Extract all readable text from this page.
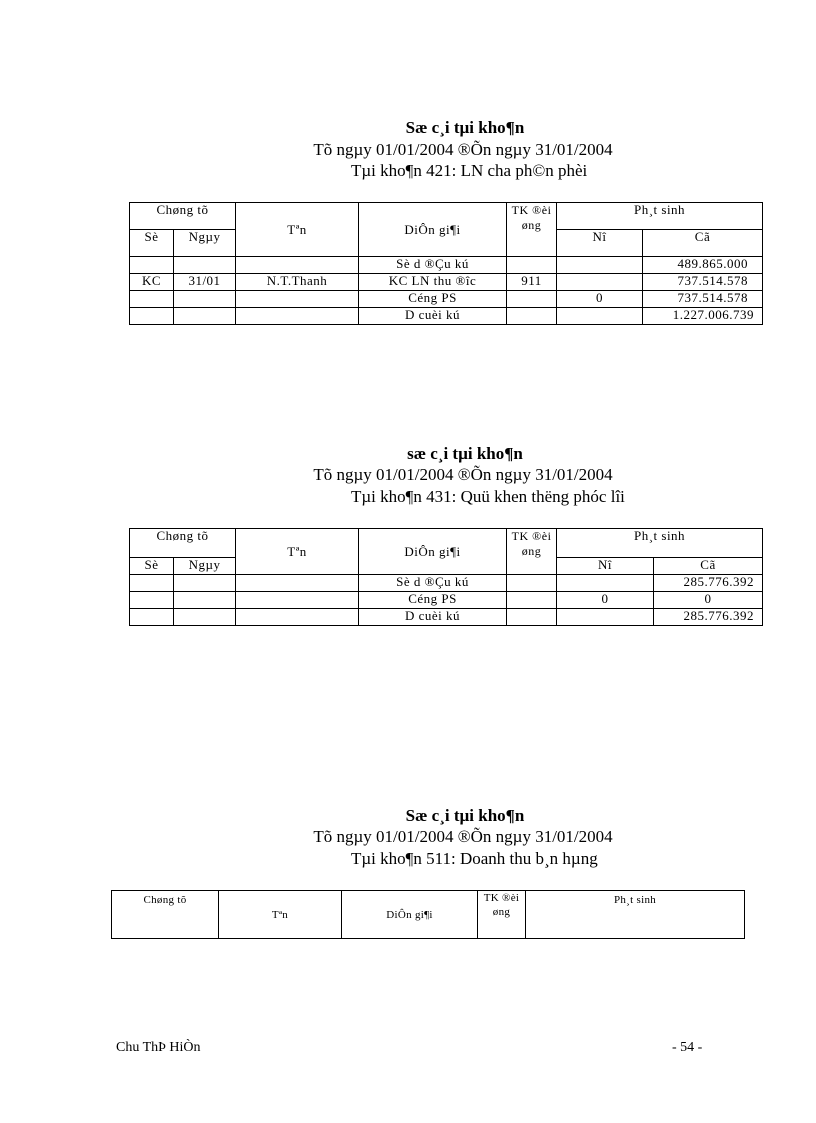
Sæ c¸i tµi kho¶n
Tõ ngµy 01/01/2004 ®Õn ngµy 31/01/2004
Tµi kho¶n 421: LN cha ph©n phèi
Chøng tõ		Tªn	DiÔn gi¶i	TK ®èi øng	Ph¸t sinh	
Sè	Ngµy				Nî	Cã
			Sè d ®Çu kú			489.865.000
KC	31/01	N.T.Thanh	KC LN thu ®îc	911		737.514.578
			Céng PS		0	737.514.578
			D cuèi kú			1.227.006.739
sæ c¸i tµi kho¶n
Tõ ngµy 01/01/2004 ®Õn ngµy 31/01/2004
Tµi kho¶n 431: Quü khen thëng phóc lîi
Chøng tõ		Tªn	DiÔn gi¶i	TK ®èi øng	Ph¸t sinh	
Sè	Ngµy				Nî	Cã
			Sè d ®Çu kú			285.776.392
			Céng PS		0	0
			D cuèi kú			285.776.392
Sæ c¸i tµi kho¶n
Tõ ngµy 01/01/2004 ®Õn ngµy 31/01/2004
Tµi kho¶n 511: Doanh thu b¸n hµng
Chøng tõ	Tªn	DiÔn gi¶i	TK ®èi øng	Ph¸t sinh
Chu ThÞ HiÒn	- 54 -
